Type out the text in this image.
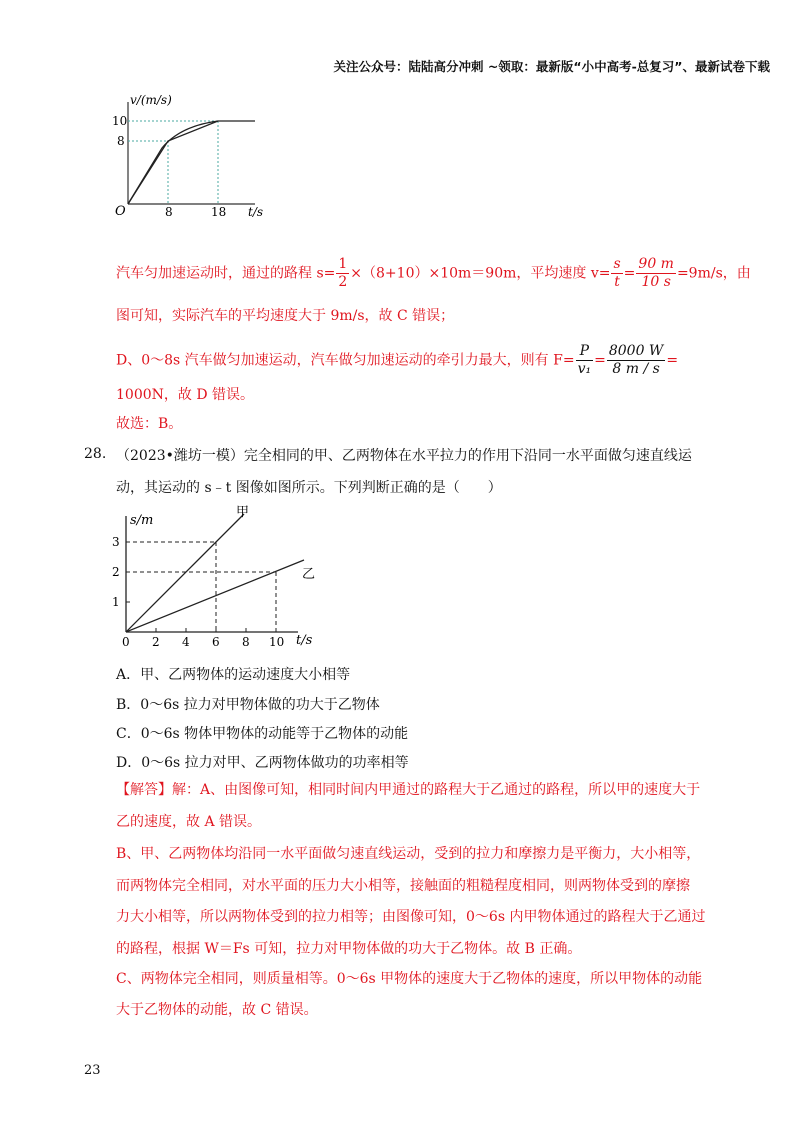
关注公众号：陆陆高分冲刺 ~领取：最新版“小中高考-总复习”、最新试卷下载
v/(m/s)
10
8
O	8	18 t/s
汽车匀加速运动时，通过的路程 $s= \frac{1}{2} \times(8+10)\times 10m=90m$，平均速度 $v= \frac{s}{t} = \frac{90 m}{10 s} =9m/s$，由
图可知，实际汽车的平均速度大于 9m/s，故 C 错误；
D、0～8s 汽车做匀加速运动，汽车做匀加速运动的牵引力最大，则有 $F= \frac{P}{\text{v₁}} = \frac{8000 W}{8 m / s}$ =
1000N，故 D 错误。
故选：B。
28. （2023•潍坊一模）完全相同的甲、乙两物体在水平拉力的作用下沿同一水平面做匀速直线运
动，其运动的 s﹣t 图像如图所示。下列判断正确的是（　　）
s/m
甲
乙
3
2
1
0 2 4 6 8 10 t/s
A．甲、乙两物体的运动速度大小相等
B．0～6s 拉力对甲物体做的功大于乙物体
C．0～6s 物体甲物体的动能等于乙物体的动能
D．0～6s 拉力对甲、乙两物体做功的功率相等
【解答】解：A、由图像可知，相同时间内甲通过的路程大于乙通过的路程，所以甲的速度大于
乙的速度，故 A 错误。
B、甲、乙两物体均沿同一水平面做匀速直线运动，受到的拉力和摩擦力是平衡力，大小相等，
而两物体完全相同，对水平面的压力大小相等，接触面的粗糙程度相同，则两物体受到的摩擦
力大小相等，所以两物体受到的拉力相等；由图像可知，0～6s 内甲物体通过的路程大于乙通过
的路程，根据 W＝Fs 可知，拉力对甲物体做的功大于乙物体。故 B 正确。
C、两物体完全相同，则质量相等。0～6s 甲物体的速度大于乙物体的速度，所以甲物体的动能
大于乙物体的动能，故 C 错误。
23
